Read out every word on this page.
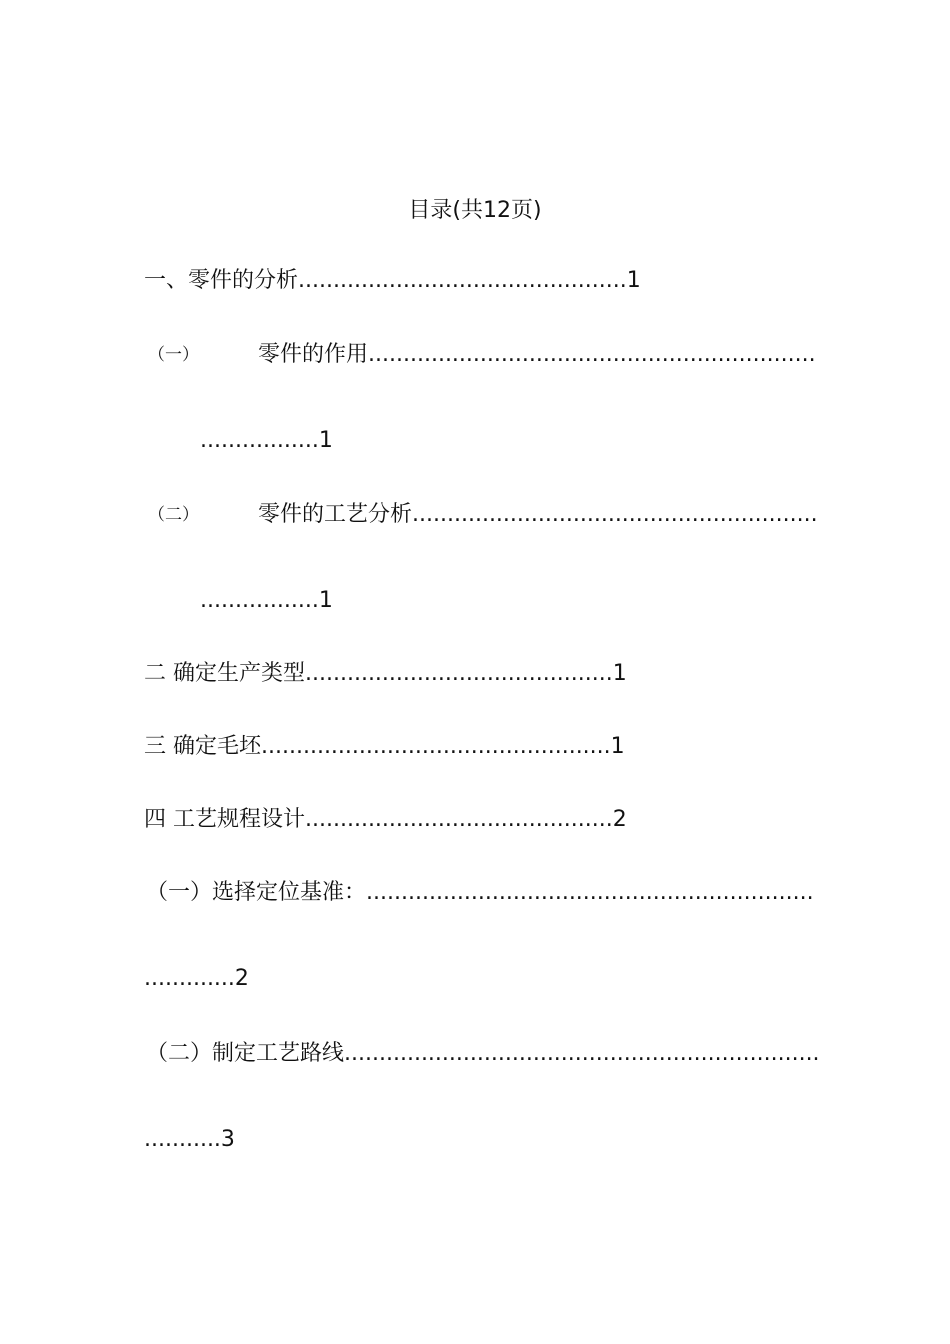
目录(共12页)
一、零件的分析...............................................1
（一）	零件的作用................................................................
.................1
（二）	零件的工艺分析..........................................................
.................1
二 确定生产类型............................................1
三 确定毛坯..................................................1
四 工艺规程设计............................................2
（一）选择定位基准：................................................................
.............2
（二）制定工艺路线....................................................................
...........3
